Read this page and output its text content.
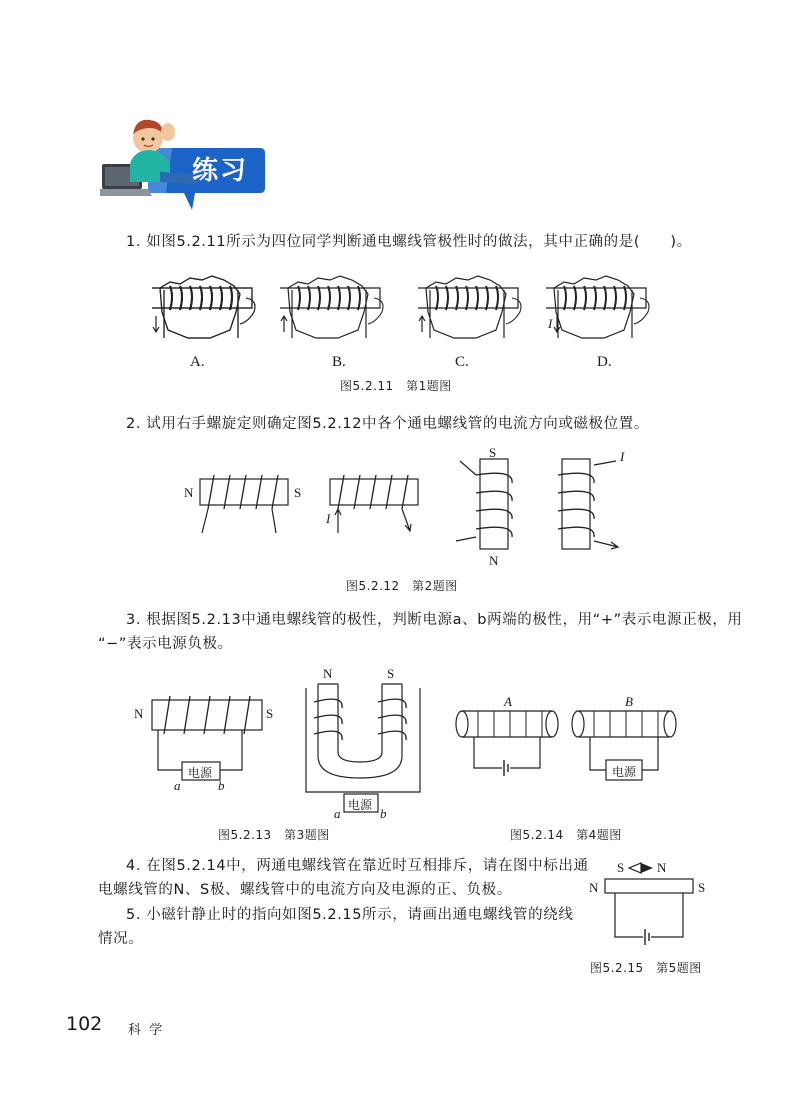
练习
1. 如图5.2.11所示为四位同学判断通电螺线管极性时的做法，其中正确的是(　　)。
I
A.	B.	C.	D.
图5.2.11　第1题图
2. 试用右手螺旋定则确定图5.2.12中各个通电螺线管的电流方向或磁极位置。
N	S
I
S
N
I
图5.2.12　第2题图
3. 根据图5.2.13中通电螺线管的极性，判断电源a、b两端的极性，用“+”表示电源正极，用
“−”表示电源负极。
N	S
电源
a	b
N	S
电源
a	b
图5.2.13　第3题图
A	B
电源
图5.2.14　第4题图
4. 在图5.2.14中，两通电螺线管在靠近时互相排斥，请在图中标出通
电螺线管的N、S极、螺线管中的电流方向及电源的正、负极。
5. 小磁针静止时的指向如图5.2.15所示，请画出通电螺线管的绕线
情况。
S	N
N	S
图5.2.15　第5题图
102 科 学
